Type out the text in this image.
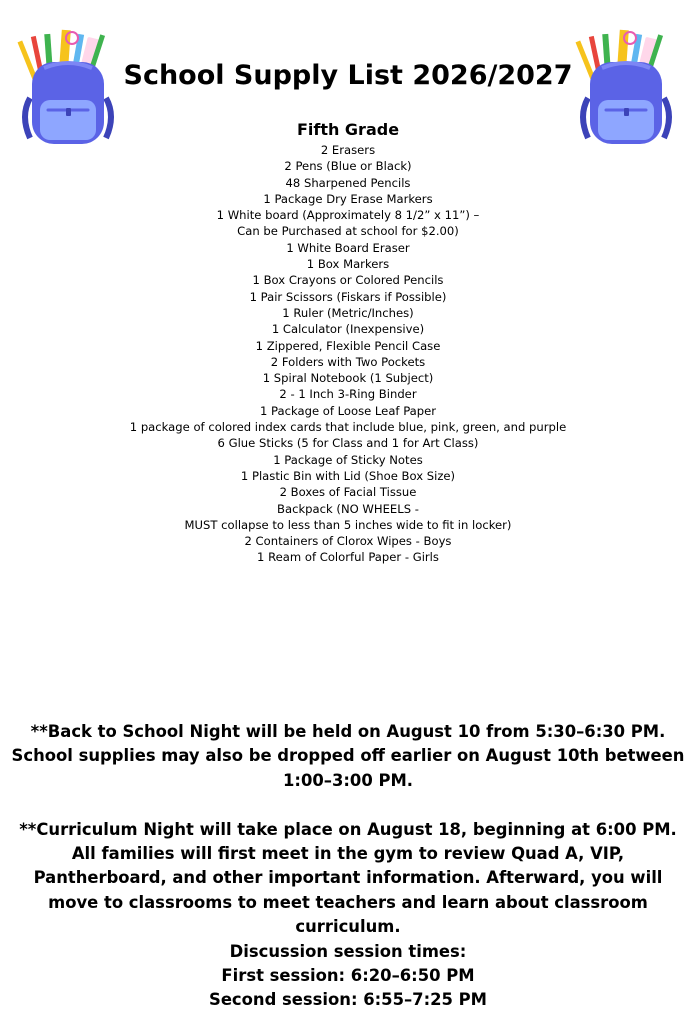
School Supply List 2026/2027
Fifth Grade
2 Erasers
2 Pens (Blue or Black)
48 Sharpened Pencils
1 Package Dry Erase Markers
1 White board (Approximately 8 1/2” x 11”) –
Can be Purchased at school for $2.00)
1 White Board Eraser
1 Box Markers
1 Box Crayons or Colored Pencils
1 Pair Scissors (Fiskars if Possible)
1 Ruler (Metric/Inches)
1 Calculator (Inexpensive)
1 Zippered, Flexible Pencil Case
2 Folders with Two Pockets
1 Spiral Notebook (1 Subject)
2 - 1 Inch 3-Ring Binder
1 Package of Loose Leaf Paper
1 package of colored index cards that include blue, pink, green, and purple
6 Glue Sticks (5 for Class and 1 for Art Class)
1 Package of Sticky Notes
1 Plastic Bin with Lid (Shoe Box Size)
2 Boxes of Facial Tissue
Backpack (NO WHEELS -
MUST collapse to less than 5 inches wide to fit in locker)
2 Containers of Clorox Wipes - Boys
1 Ream of Colorful Paper - Girls

**Back to School Night will be held on August 10 from 5:30–6:30 PM. School supplies may also be dropped off earlier on August 10th between 1:00–3:00 PM.

**Curriculum Night will take place on August 18, beginning at 6:00 PM. All families will first meet in the gym to review Quad A, VIP, Pantherboard, and other important information. Afterward, you will move to classrooms to meet teachers and learn about classroom curriculum.

Discussion session times:

First session: 6:20–6:50 PM

Second session: 6:55–7:25 PM
